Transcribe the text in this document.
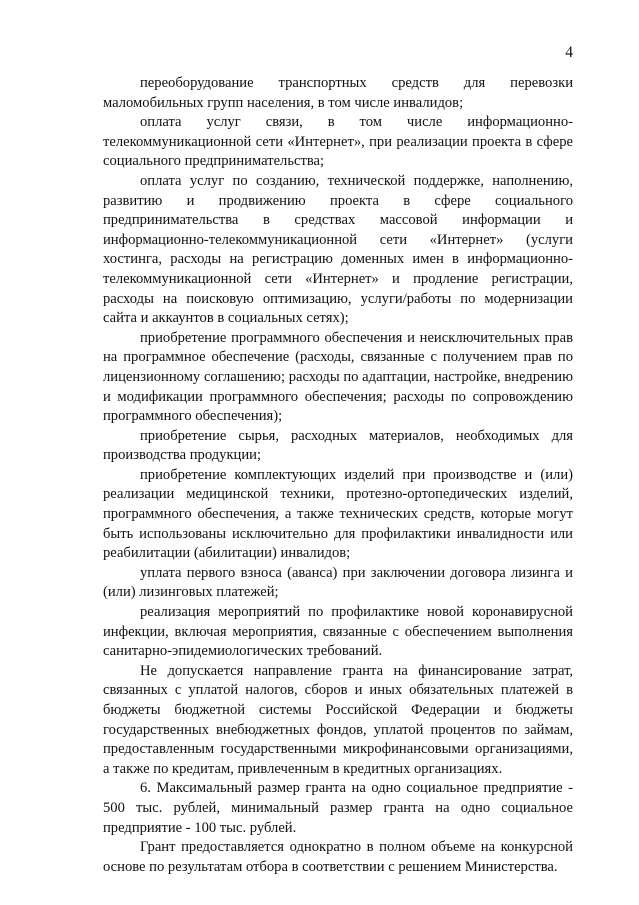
4

переоборудование транспортных средств для перевозки маломобильных групп населения, в том числе инвалидов;

оплата услуг связи, в том числе информационно-телекоммуникационной сети «Интернет», при реализации проекта в сфере социального предпринимательства;

оплата услуг по созданию, технической поддержке, наполнению, развитию и продвижению проекта в сфере социального предпринимательства в средствах массовой информации и информационно-телекоммуникационной сети «Интернет» (услуги хостинга, расходы на регистрацию доменных имен в информационно-телекоммуникационной сети «Интернет» и продление регистрации, расходы на поисковую оптимизацию, услуги/работы по модернизации сайта и аккаунтов в социальных сетях);

приобретение программного обеспечения и неисключительных прав на программное обеспечение (расходы, связанные с получением прав по лицензионному соглашению; расходы по адаптации, настройке, внедрению и модификации программного обеспечения; расходы по сопровождению программного обеспечения);

приобретение сырья, расходных материалов, необходимых для производства продукции;

приобретение комплектующих изделий при производстве и (или) реализации медицинской техники, протезно-ортопедических изделий, программного обеспечения, а также технических средств, которые могут быть использованы исключительно для профилактики инвалидности или реабилитации (абилитации) инвалидов;

уплата первого взноса (аванса) при заключении договора лизинга и (или) лизинговых платежей;

реализация мероприятий по профилактике новой коронавирусной инфекции, включая мероприятия, связанные с обеспечением выполнения санитарно-эпидемиологических требований.

Не допускается направление гранта на финансирование затрат, связанных с уплатой налогов, сборов и иных обязательных платежей в бюджеты бюджетной системы Российской Федерации и бюджеты государственных внебюджетных фондов, уплатой процентов по займам, предоставленным государственными микрофинансовыми организациями, а также по кредитам, привлеченным в кредитных организациях.

6. Максимальный размер гранта на одно социальное предприятие - 500 тыс. рублей, минимальный размер гранта на одно социальное предприятие - 100 тыс. рублей.

Грант предоставляется однократно в полном объеме на конкурсной основе по результатам отбора в соответствии с решением Министерства.
